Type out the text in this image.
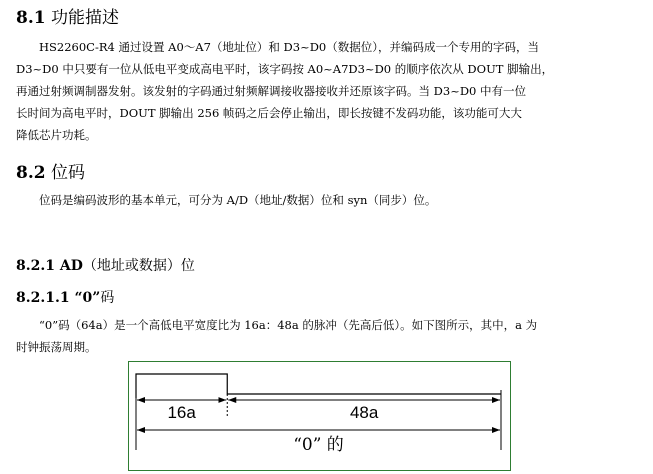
8.1 功能描述
HS2260C-R4 通过设置 A0～A7（地址位）和 D3~D0（数据位），并编码成一个专用的字码，当
D3~D0 中只要有一位从低电平变成高电平时，该字码按 A0~A7D3~D0 的顺序依次从 DOUT 脚输出，
再通过射频调制器发射。该发射的字码通过射频解调接收器接收并还原该字码。当 D3~D0 中有一位
长时间为高电平时，DOUT 脚输出 256 帧码之后会停止输出，即长按键不发码功能，该功能可大大
降低芯片功耗。
8.2 位码
位码是编码波形的基本单元，可分为 A/D（地址/数据）位和 syn（同步）位。
8.2.1 AD（地址或数据）位
8.2.1.1 “0”码
“0”码（64a）是一个高低电平宽度比为 16a：48a 的脉冲（先高后低）。如下图所示，其中，a 为
时钟振荡周期。
16a	48a
“0” 的
